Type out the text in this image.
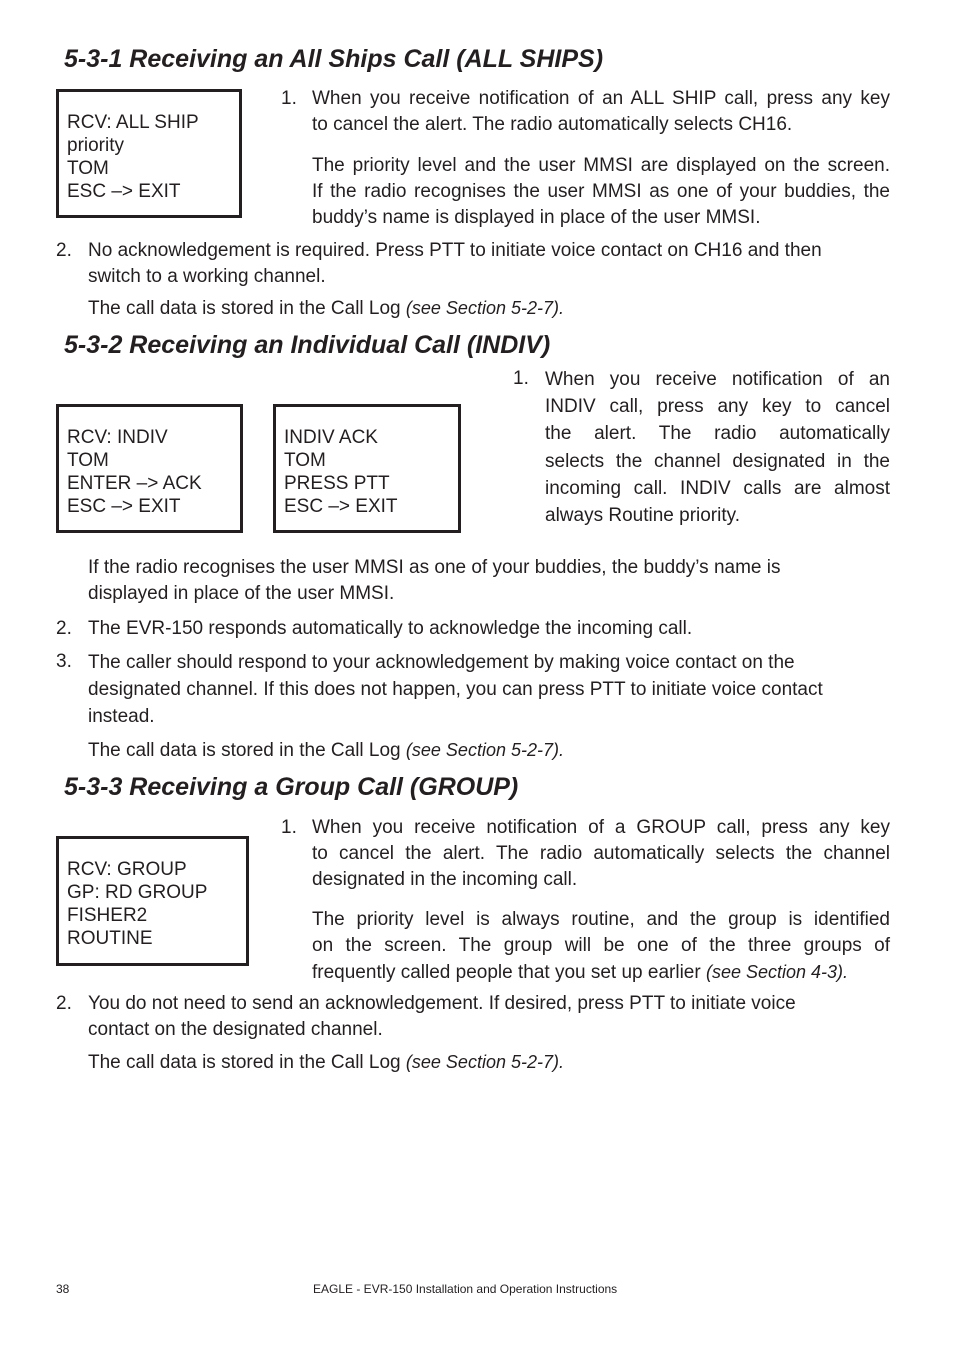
5-3-1 Receiving an All Ships Call (ALL SHIPS)
RCV: ALL SHIP
priority
TOM
ESC –> EXIT
1. When you receive notification of an ALL SHIP call, press any key
to cancel the alert. The radio automatically selects CH16.
The priority level and the user MMSI are displayed on the screen.
If the radio recognises the user MMSI as one of your buddies, the
buddy’s name is displayed in place of the user MMSI.
2. No acknowledgement is required. Press PTT to initiate voice contact on CH16 and then
switch to a working channel.
The call data is stored in the Call Log (see Section 5-2-7).
5-3-2 Receiving an Individual Call (INDIV)
RCV: INDIV
TOM
ENTER –> ACK
ESC –> EXIT
INDIV ACK
TOM
PRESS PTT
ESC –> EXIT
1. When you receive notification of an
INDIV call, press any key to cancel
the alert. The radio automatically
selects the channel designated in the
incoming call. INDIV calls are almost
always Routine priority.
If the radio recognises the user MMSI as one of your buddies, the buddy’s name is
displayed in place of the user MMSI.
2. The EVR-150 responds automatically to acknowledge the incoming call.
3. The caller should respond to your acknowledgement by making voice contact on the
designated channel. If this does not happen, you can press PTT to initiate voice contact
instead.
The call data is stored in the Call Log (see Section 5-2-7).
5-3-3 Receiving a Group Call (GROUP)
RCV: GROUP
GP: RD GROUP
FISHER2
ROUTINE
1. When you receive notification of a GROUP call, press any key
to cancel the alert. The radio automatically selects the channel
designated in the incoming call.
The priority level is always routine, and the group is identified
on the screen. The group will be one of the three groups of
frequently called people that you set up earlier (see Section 4-3).
2. You do not need to send an acknowledgement. If desired, press PTT to initiate voice
contact on the designated channel.
The call data is stored in the Call Log (see Section 5-2-7).
38	EAGLE - EVR-150 Installation and Operation Instructions
